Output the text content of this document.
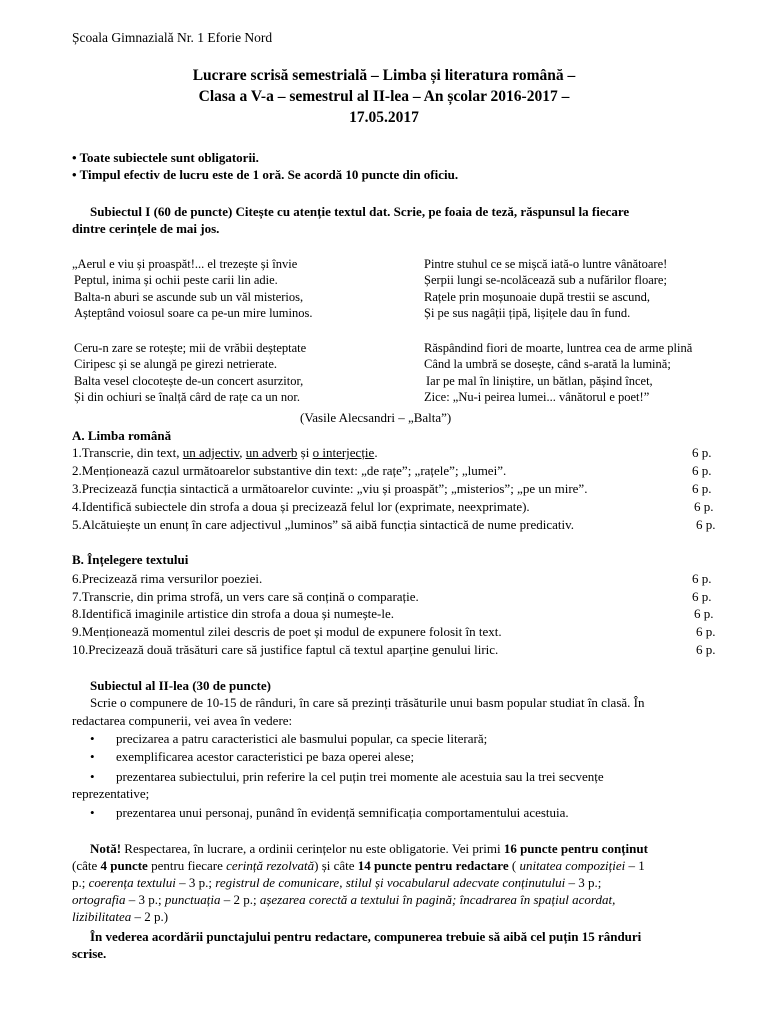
Școala Gimnazială Nr. 1 Eforie Nord
Lucrare scrisă semestrială – Limba și literatura română –
Clasa a V-a – semestrul al II-lea – An școlar 2016-2017 –
17.05.2017
• Toate subiectele sunt obligatorii.
• Timpul efectiv de lucru este de 1 oră. Se acordă 10 puncte din oficiu.
Subiectul I (60 de puncte) Citește cu atenție textul dat. Scrie, pe foaia de teză, răspunsul la fiecare
dintre cerințele de mai jos.
„Aerul e viu și proaspăt!... el trezește și învie
Peptul, inima și ochii peste carii lin adie.
Balta-n aburi se ascunde sub un văl misterios,
Așteptând voiosul soare ca pe-un mire luminos.
Ceru-n zare se rotește; mii de vrăbii deșteptate
Ciripesc și se alungă pe girezi netrierate.
Balta vesel clocotește de-un concert asurzitor,
Și din ochiuri se înalță cârd de rațe ca un nor.
Pintre stuhul ce se mișcă iată-o luntre vânătoare!
Șerpii lungi se-ncolăcează sub a nufărilor floare;
Rațele prin moșunoaie după trestii se ascund,
Și pe sus nagâții țipă, lișițele dau în fund.
Răspândind fiori de moarte, luntrea cea de arme plină
Când la umbră se dosește, când s-arată la lumină;
Iar pe mal în liniștire, un bătlan, pășind încet,
Zice: „Nu-i peirea lumei... vânătorul e poet!”
(Vasile Alecsandri – „Balta”)
A. Limba română
1.Transcrie, din text, un adjectiv, un adverb și o interjecție.	6 p.
2.Menționează cazul următoarelor substantive din text: „de rațe”; „rațele”; „lumei”.	6 p.
3.Precizează funcția sintactică a următoarelor cuvinte: „viu și proaspăt”; „misterios”; „pe un mire”.	6 p.
4.Identifică subiectele din strofa a doua și precizează felul lor (exprimate, neexprimate).	6 p.
5.Alcătuiește un enunț în care adjectivul „luminos” să aibă funcția sintactică de nume predicativ.	6 p.
B. Înțelegere textului
6.Precizează rima versurilor poeziei.	6 p.
7.Transcrie, din prima strofă, un vers care să conțină o comparație.	6 p.
8.Identifică imaginile artistice din strofa a doua și numește-le.	6 p.
9.Menționează momentul zilei descris de poet și modul de expunere folosit în text.	6 p.
10.Precizează două trăsături care să justifice faptul că textul aparține genului liric.	6 p.
Subiectul al II-lea (30 de puncte)
Scrie o compunere de 10-15 de rânduri, în care să prezinți trăsăturile unui basm popular studiat în clasă. În
redactarea compunerii, vei avea în vedere:
• precizarea a patru caracteristici ale basmului popular, ca specie literară;
• exemplificarea acestor caracteristici pe baza operei alese;
• prezentarea subiectului, prin referire la cel puțin trei momente ale acestuia sau la trei secvențe
reprezentative;
• prezentarea unui personaj, punând în evidență semnificația comportamentului acestuia.
Notă! Respectarea, în lucrare, a ordinii cerințelor nu este obligatorie. Vei primi 16 puncte pentru conținut
(câte 4 puncte pentru fiecare cerință rezolvată) și câte 14 puncte pentru redactare ( unitatea compoziției – 1
p.; coerența textului – 3 p.; registrul de comunicare, stilul și vocabularul adecvate conținutului – 3 p.;
ortografia – 3 p.; punctuația – 2 p.; așezarea corectă a textului în pagină; încadrarea în spațiul acordat,
lizibilitatea – 2 p.)
În vederea acordării punctajului pentru redactare, compunerea trebuie să aibă cel puțin 15 rânduri
scrise.
